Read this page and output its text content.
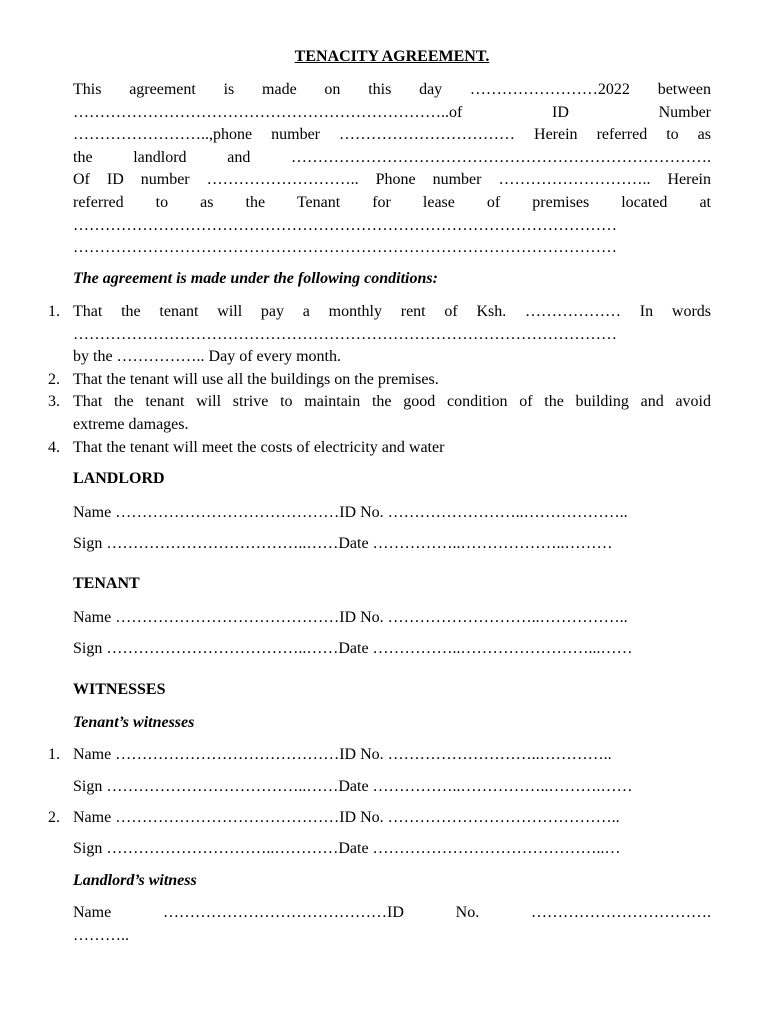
TENACITY AGREEMENT.
This agreement is made on this day ……………………2022 between
……………………………………………………………..of ID Number
……………………..,phone number …………………………… Herein referred to as
the landlord and …………………………………………………………………….
Of ID number ……………………….. Phone number ……………………….. Herein
referred to as the Tenant for lease of premises located at
…………………………………………………………………………………………
…………………………………………………………………………………………
The agreement is made under the following conditions:
1. That the tenant will pay a monthly rent of Ksh. ……………… In words
…………………………………………………………………………………………
by the …………….. Day of every month.
2. That the tenant will use all the buildings on the premises.
3. That the tenant will strive to maintain the good condition of the building and avoid
extreme damages.
4. That the tenant will meet the costs of electricity and water
LANDLORD
Name ……………………………………ID No. ……………………..………………..
Sign ………………………………..……Date ……………..………………..………
TENANT
Name ……………………………………ID No. ………………………..……………..
Sign ………………………………..……Date ……………..……………………...……
WITNESSES
Tenant’s witnesses
1. Name ……………………………………ID No. ………………………..…………..
Sign ………………………………..……Date ……………..……………..……….……
2. Name ……………………………………ID No. ……………………………………..
Sign …………………………..…………Date ……………………………………..…
Landlord’s witness
Name ……………………………………ID No. …………………………….
………..
